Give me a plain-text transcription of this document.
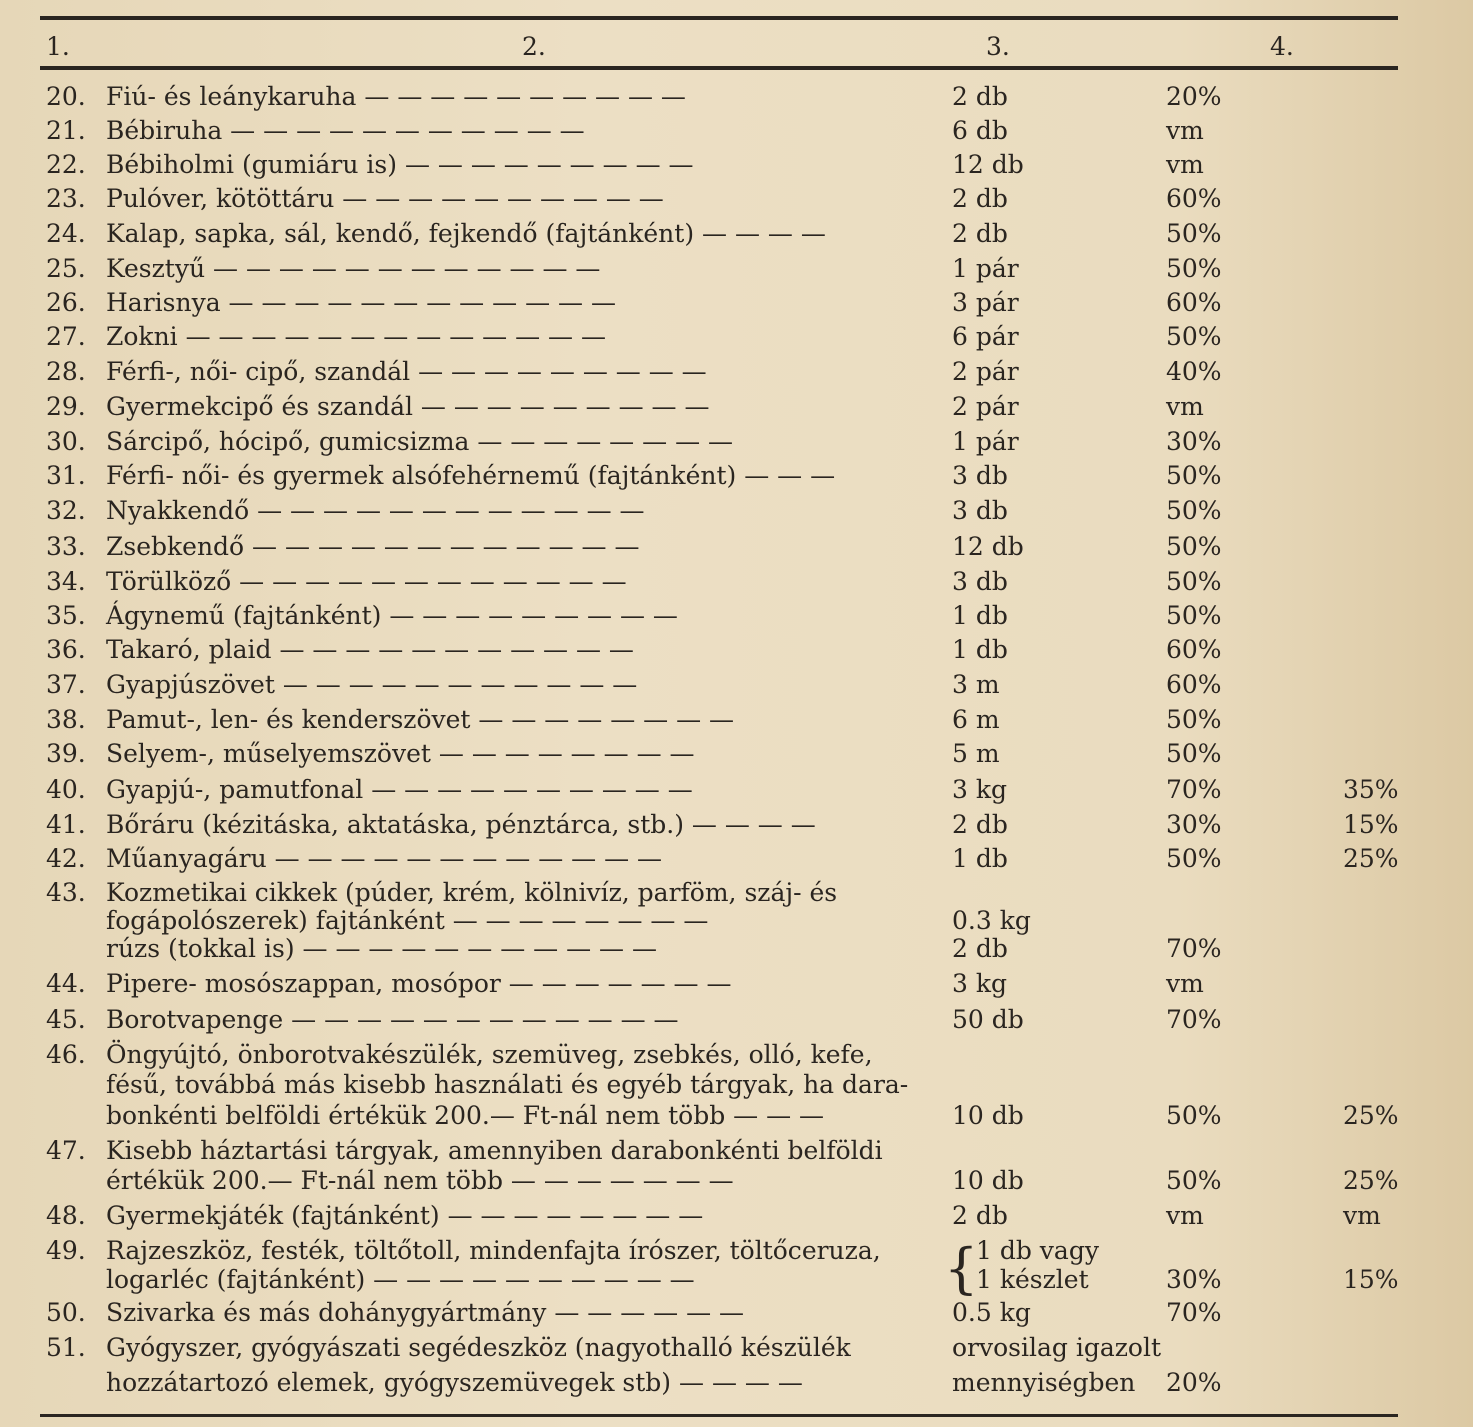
1.	2.	3.	4.
20. Fiú- és leánykaruha — — — — — — — — — —	2 db	20%
21. Bébiruha — — — — — — — — — — —	6 db	vm
22. Bébiholmi (gumiáru is) — — — — — — — — —	12 db	vm
23. Pulóver, kötöttáru — — — — — — — — — —	2 db	60%
24. Kalap, sapka, sál, kendő, fejkendő (fajtánként) — — — —	2 db	50%
25. Kesztyű — — — — — — — — — — — —	1 pár	50%
26. Harisnya — — — — — — — — — — — —	3 pár	60%
27. Zokni — — — — — — — — — — — — —	6 pár	50%
28. Férfi-, női- cipő, szandál — — — — — — — — —	2 pár	40%
29. Gyermekcipő és szandál — — — — — — — — —	2 pár	vm
30. Sárcipő, hócipő, gumicsizma — — — — — — — —	1 pár	30%
31. Férfi- női- és gyermek alsófehérnemű (fajtánként) — — —	3 db	50%
32. Nyakkendő — — — — — — — — — — — —	3 db	50%
33. Zsebkendő — — — — — — — — — — — —	12 db	50%
34. Törülköző — — — — — — — — — — — —	3 db	50%
35. Ágynemű (fajtánként) — — — — — — — — —	1 db	50%
36. Takaró, plaid — — — — — — — — — — —	1 db	60%
37. Gyapjúszövet — — — — — — — — — — —	3 m	60%
38. Pamut-, len- és kenderszövet — — — — — — — —	6 m	50%
39. Selyem-, műselyemszövet — — — — — — — —	5 m	50%
40. Gyapjú-, pamutfonal — — — — — — — — — —	3 kg	70%	35%
41. Bőráru (kézitáska, aktatáska, pénztárca, stb.) — — — —	2 db	30%	15%
42. Műanyagáru — — — — — — — — — — — —	1 db	50%	25%
43. Kozmetikai cikkek (púder, krém, kölnivíz, parföm, száj- és
fogápolószerek) fajtánként — — — — — — — —	0.3 kg
rúzs (tokkal is) — — — — — — — — — — —	2 db	70%
44. Pipere- mosószappan, mosópor — — — — — — —	3 kg	vm
45. Borotvapenge — — — — — — — — — — — —	50 db	70%
46. Öngyújtó, önborotvakészülék, szemüveg, zsebkés, olló, kefe,
fésű, továbbá más kisebb használati és egyéb tárgyak, ha dara-
bonkénti belföldi értékük 200.— Ft-nál nem több — — —	10 db	50%	25%
47. Kisebb háztartási tárgyak, amennyiben darabonkénti belföldi
értékük 200.— Ft-nál nem több — — — — — — —	10 db	50%	25%
48. Gyermekjáték (fajtánként) — — — — — — — —	2 db	vm	vm
49. Rajzeszköz, festék, töltőtoll, mindenfajta írószer, töltőceruza,	1 db vagy
logarléc (fajtánként) — — — — — — — — — —	1 készlet	30%	15%
50. Szivarka és más dohánygyártmány — — — — — —	0.5 kg	70%
51. Gyógyszer, gyógyászati segédeszköz (nagyothalló készülék	orvosilag igazolt
hozzátartozó elemek, gyógyszemüvegek stb) — — — —	mennyiségben 20%
{
